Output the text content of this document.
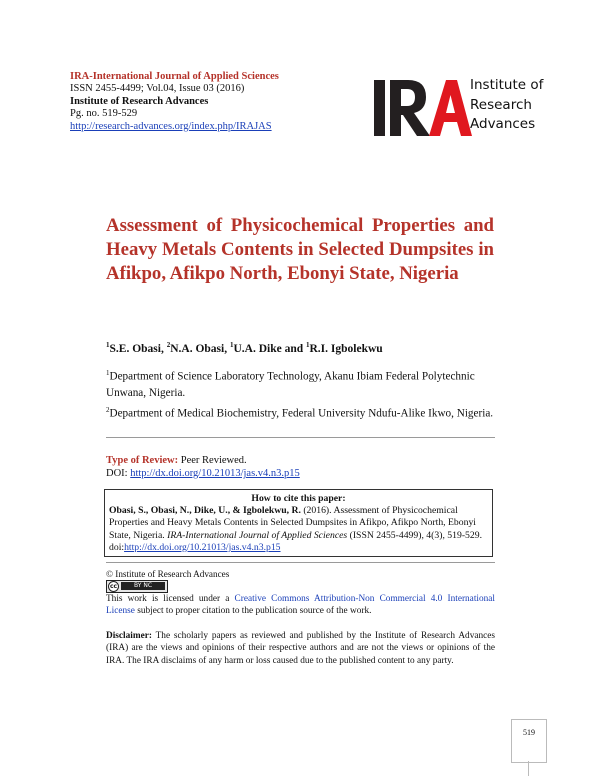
IRA-International Journal of Applied Sciences
ISSN 2455-4499; Vol.04, Issue 03 (2016)
Institute of Research Advances
Pg. no. 519-529
http://research-advances.org/index.php/IRAJAS
Institute of
Research
Advances
Assessment of Physicochemical Properties and Heavy Metals Contents in Selected Dumpsites in Afikpo, Afikpo North, Ebonyi State, Nigeria
$^1$S.E. Obasi, $^2$N.A. Obasi, $^1$U.A. Dike and $^1$R.I. Igbolekwu
$^1$Department of Science Laboratory Technology, Akanu Ibiam Federal Polytechnic Unwana, Nigeria.
$^2$Department of Medical Biochemistry, Federal University Ndufu-Alike Ikwo, Nigeria.
Type of Review: Peer Reviewed.
DOI: http://dx.doi.org/10.21013/jas.v4.n3.p15
How to cite this paper:
Obasi, S., Obasi, N., Dike, U., & Igbolekwu, R. (2016). Assessment of Physicochemical Properties and Heavy Metals Contents in Selected Dumpsites in Afikpo, Afikpo North, Ebonyi State, Nigeria. IRA-International Journal of Applied Sciences (ISSN 2455-4499), 4(3), 519-529. doi:http://dx.doi.org/10.21013/jas.v4.n3.p15
© Institute of Research Advances
cc	BY NC
This work is licensed under a Creative Commons Attribution-Non Commercial 4.0 International License subject to proper citation to the publication source of the work.
Disclaimer: The scholarly papers as reviewed and published by the Institute of Research Advances (IRA) are the views and opinions of their respective authors and are not the views or opinions of the IRA. The IRA disclaims of any harm or loss caused due to the published content to any party.
519
